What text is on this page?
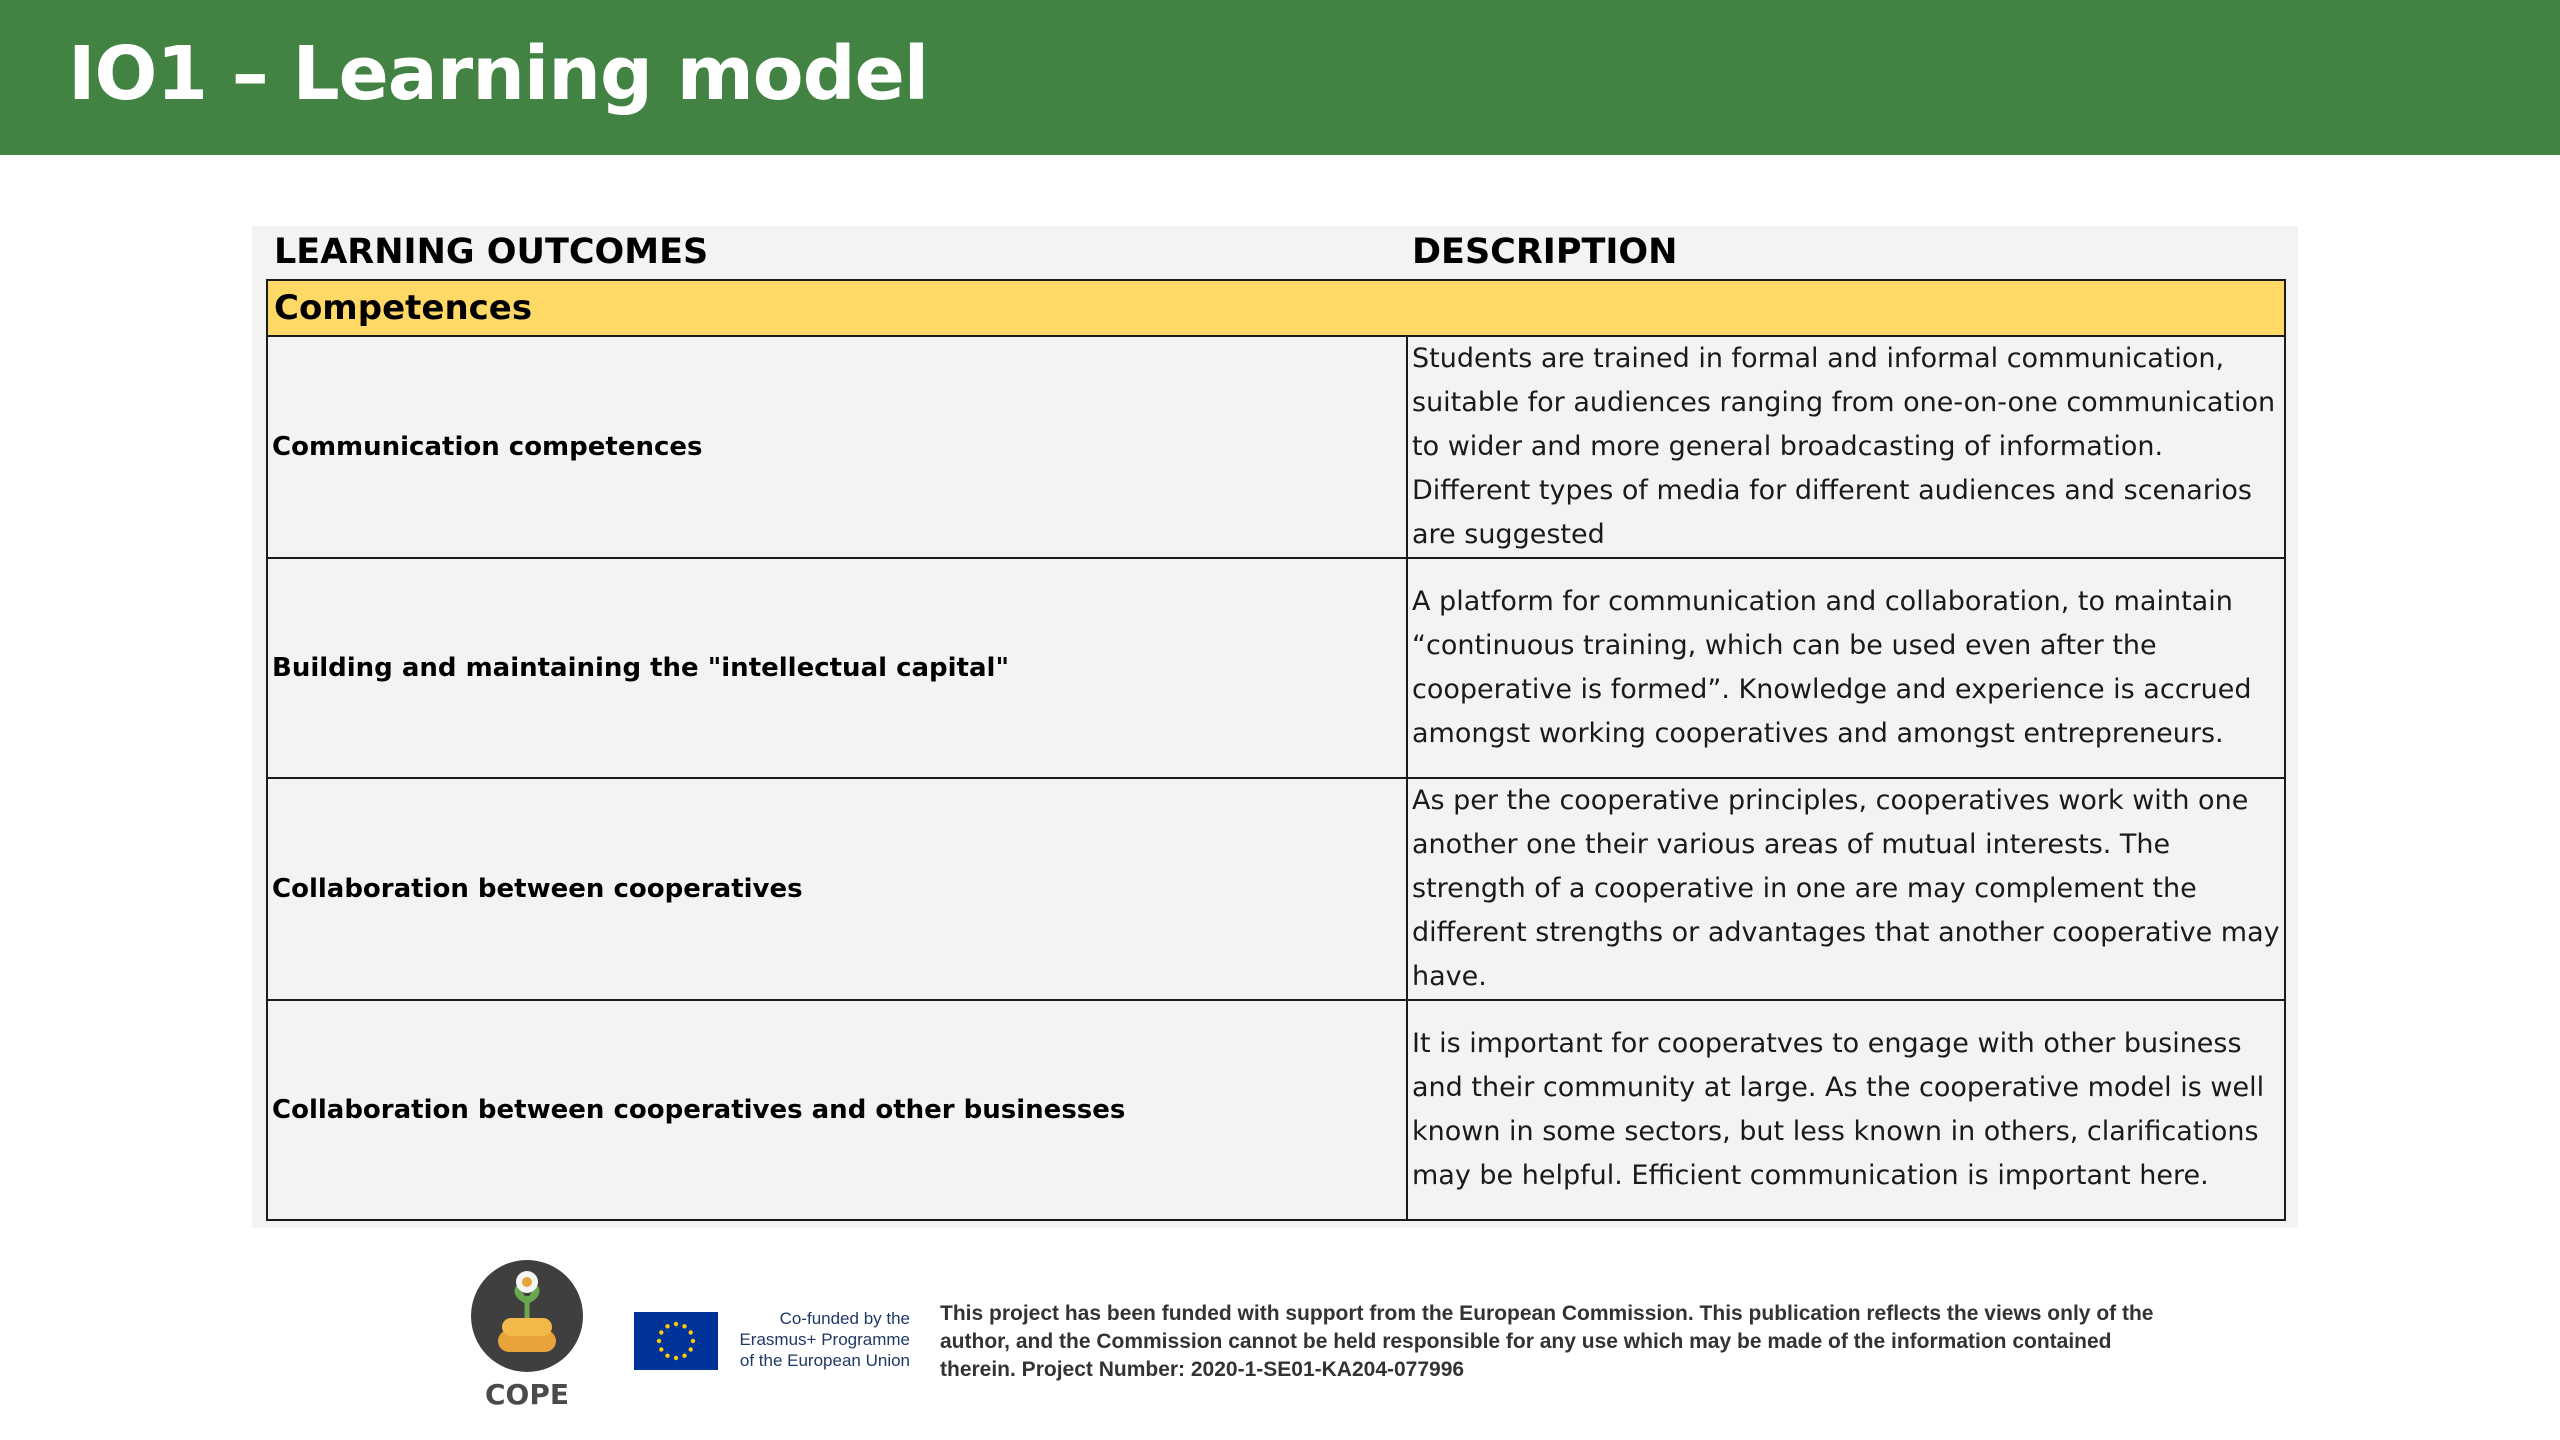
IO1 – Learning model
LEARNING OUTCOMES	DESCRIPTION
Competences	
Communication competences	Students are trained in formal and informal communication, suitable for audiences ranging from one-on-one communication to wider and more general broadcasting of information. Different types of media for different audiences and scenarios are suggested
Building and maintaining the "intellectual capital"	A platform for communication and collaboration, to maintain “continuous training, which can be used even after the cooperative is formed”. Knowledge and experience is accrued amongst working cooperatives and amongst entrepreneurs.
Collaboration between cooperatives	As per the cooperative principles, cooperatives work with one another one their various areas of mutual interests. The strength of a cooperative in one are may complement the different strengths or advantages that another cooperative may have.
Collaboration between cooperatives and other businesses	It is important for cooperatves to engage with other business and their community at large. As the cooperative model is well known in some sectors, but less known in others, clarifications may be helpful. Efficient communication is important here.
COPE
Co-funded by the
Erasmus+ Programme
of the European Union
This project has been funded with support from the European Commission. This publication reflects the views only of the author, and the Commission cannot be held responsible for any use which may be made of the information contained therein. Project Number: 2020-1-SE01-KA204-077996
